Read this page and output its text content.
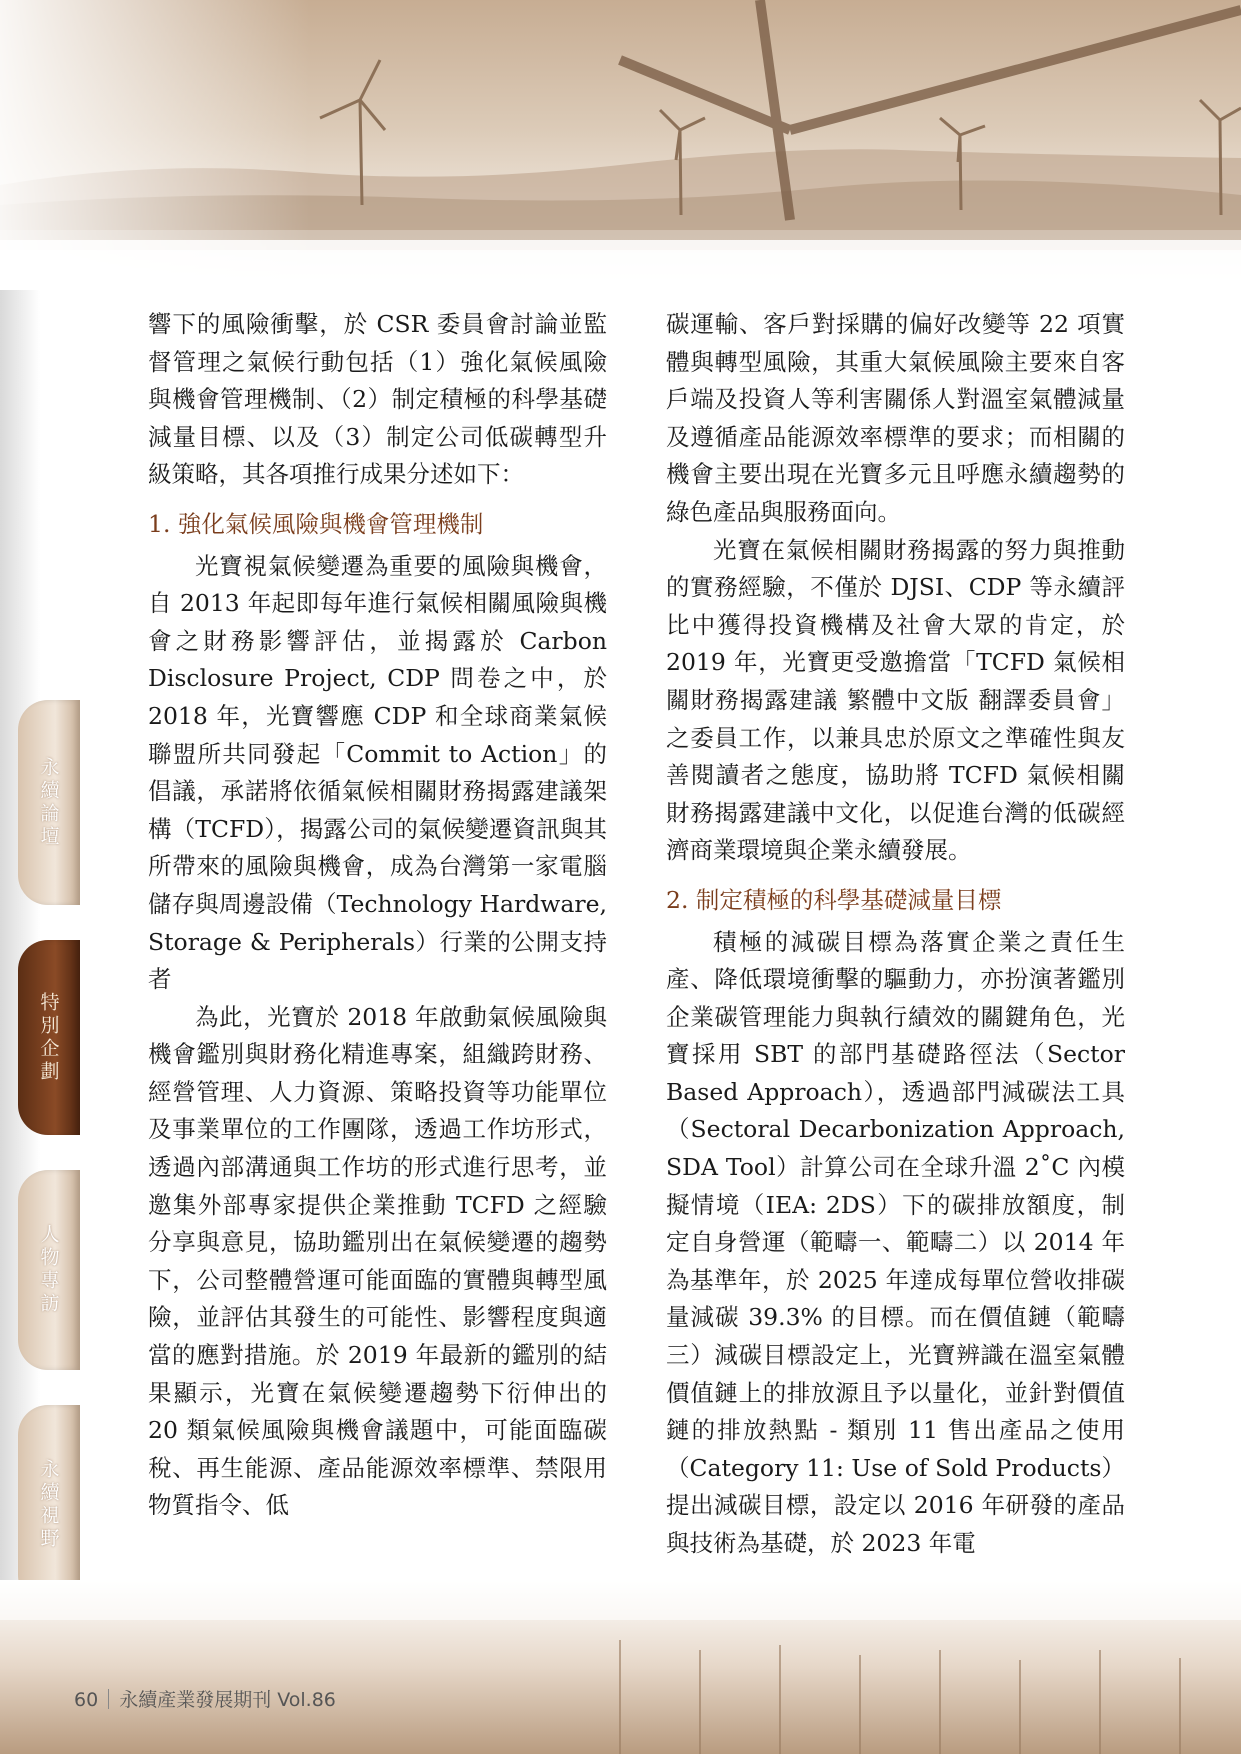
響下的風險衝擊，於 CSR 委員會討論並監督管理之氣候行動包括（1）強化氣候風險與機會管理機制、（2）制定積極的科學基礎減量目標、以及（3）制定公司低碳轉型升級策略，其各項推行成果分述如下：

1. 強化氣候風險與機會管理機制

光寶視氣候變遷為重要的風險與機會，自 2013 年起即每年進行氣候相關風險與機會之財務影響評估，並揭露於 Carbon Disclosure Project, CDP 問卷之中，於 2018 年，光寶響應 CDP 和全球商業氣候聯盟所共同發起「Commit to Action」的倡議，承諾將依循氣候相關財務揭露建議架構（TCFD），揭露公司的氣候變遷資訊與其所帶來的風險與機會，成為台灣第一家電腦儲存與周邊設備（Technology Hardware, Storage & Peripherals）行業的公開支持者

為此，光寶於 2018 年啟動氣候風險與機會鑑別與財務化精進專案，組織跨財務、經營管理、人力資源、策略投資等功能單位及事業單位的工作團隊，透過工作坊形式，透過內部溝通與工作坊的形式進行思考，並邀集外部專家提供企業推動 TCFD 之經驗分享與意見，協助鑑別出在氣候變遷的趨勢下，公司整體營運可能面臨的實體與轉型風險，並評估其發生的可能性、影響程度與適當的應對措施。於 2019 年最新的鑑別的結果顯示，光寶在氣候變遷趨勢下衍伸出的 20 類氣候風險與機會議題中，可能面臨碳稅、再生能源、產品能源效率標準、禁限用物質指令、低

碳運輸、客戶對採購的偏好改變等 22 項實體與轉型風險，其重大氣候風險主要來自客戶端及投資人等利害關係人對溫室氣體減量及遵循產品能源效率標準的要求；而相關的機會主要出現在光寶多元且呼應永續趨勢的綠色產品與服務面向。

光寶在氣候相關財務揭露的努力與推動的實務經驗，不僅於 DJSI、CDP 等永續評比中獲得投資機構及社會大眾的肯定，於 2019 年，光寶更受邀擔當「TCFD 氣候相關財務揭露建議 繁體中文版 翻譯委員會」之委員工作，以兼具忠於原文之準確性與友善閱讀者之態度，協助將 TCFD 氣候相關財務揭露建議中文化，以促進台灣的低碳經濟商業環境與企業永續發展。

2. 制定積極的科學基礎減量目標

積極的減碳目標為落實企業之責任生產、降低環境衝擊的驅動力，亦扮演著鑑別企業碳管理能力與執行績效的關鍵角色，光寶採用 SBT 的部門基礎路徑法（Sector Based Approach），透過部門減碳法工具（Sectoral Decarbonization Approach, SDA Tool）計算公司在全球升溫 2˚C 內模擬情境（IEA: 2DS）下的碳排放額度，制定自身營運（範疇一、範疇二）以 2014 年為基準年，於 2025 年達成每單位營收排碳量減碳 39.3% 的目標。而在價值鏈（範疇三）減碳目標設定上，光寶辨識在溫室氣體價值鏈上的排放源且予以量化，並針對價值鏈的排放熱點 - 類別 11 售出產品之使用（Category 11: Use of Sold Products）提出減碳目標，設定以 2016 年研發的產品與技術為基礎，於 2023 年電

永續論壇
特別企劃
人物專訪
永續視野
60 永續產業發展期刊 Vol.86
